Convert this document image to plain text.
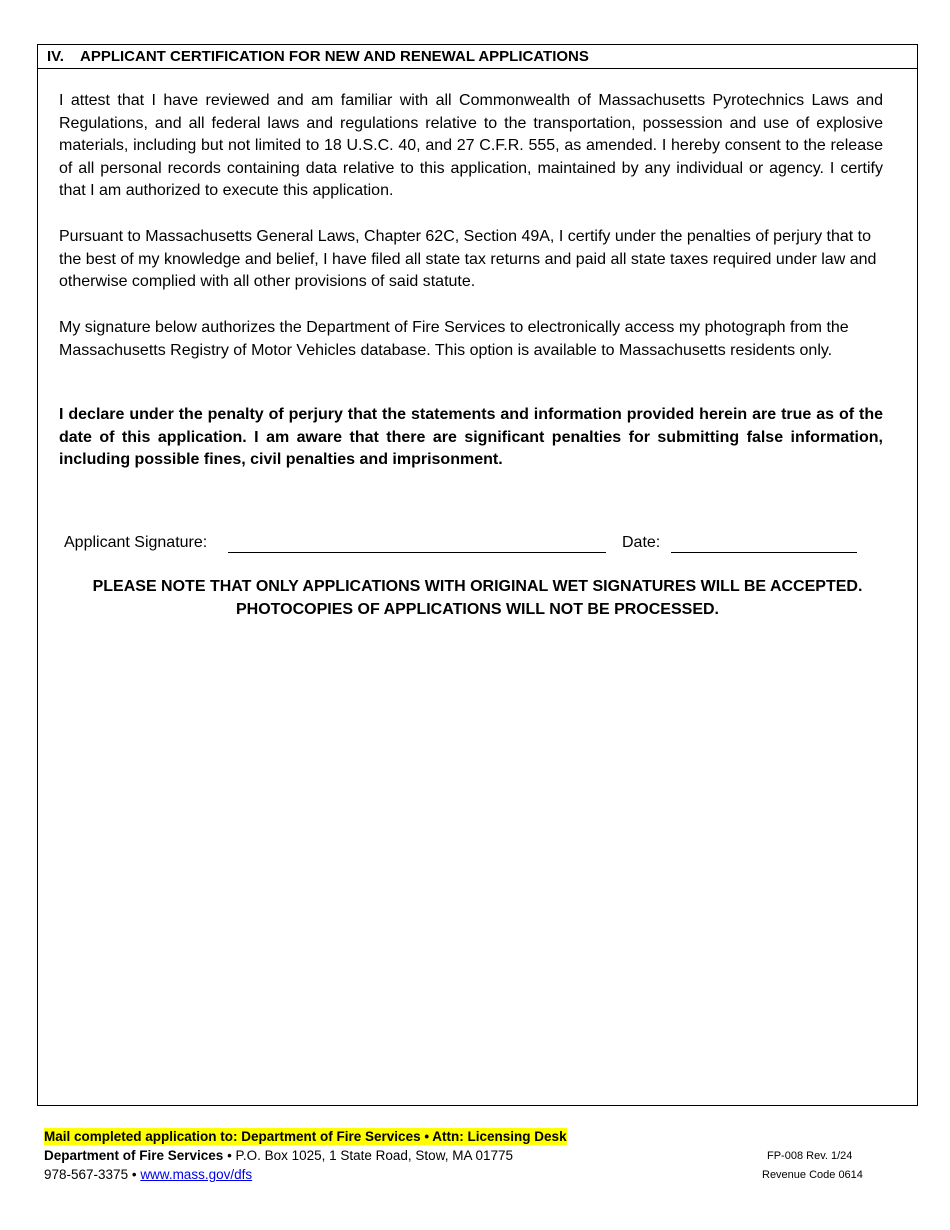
IV. APPLICANT CERTIFICATION FOR NEW AND RENEWAL APPLICATIONS
I attest that I have reviewed and am familiar with all Commonwealth of Massachusetts Pyrotechnics Laws and Regulations, and all federal laws and regulations relative to the transportation, possession and use of explosive materials, including but not limited to 18 U.S.C. 40, and 27 C.F.R. 555, as amended. I hereby consent to the release of all personal records containing data relative to this application, maintained by any individual or agency. I certify that I am authorized to execute this application.
Pursuant to Massachusetts General Laws, Chapter 62C, Section 49A, I certify under the penalties of perjury that to the best of my knowledge and belief, I have filed all state tax returns and paid all state taxes required under law and otherwise complied with all other provisions of said statute.
My signature below authorizes the Department of Fire Services to electronically access my photograph from the Massachusetts Registry of Motor Vehicles database. This option is available to Massachusetts residents only.
I declare under the penalty of perjury that the statements and information provided herein are true as of the date of this application. I am aware that there are significant penalties for submitting false information, including possible fines, civil penalties and imprisonment.
Applicant Signature:	Date:
PLEASE NOTE THAT ONLY APPLICATIONS WITH ORIGINAL WET SIGNATURES WILL BE ACCEPTED.
PHOTOCOPIES OF APPLICATIONS WILL NOT BE PROCESSED.
Mail completed application to: Department of Fire Services • Attn: Licensing Desk
Department of Fire Services • P.O. Box 1025, 1 State Road, Stow, MA 01775
978-567-3375 • www.mass.gov/dfs
FP-008 Rev. 1/24
Revenue Code 0614
